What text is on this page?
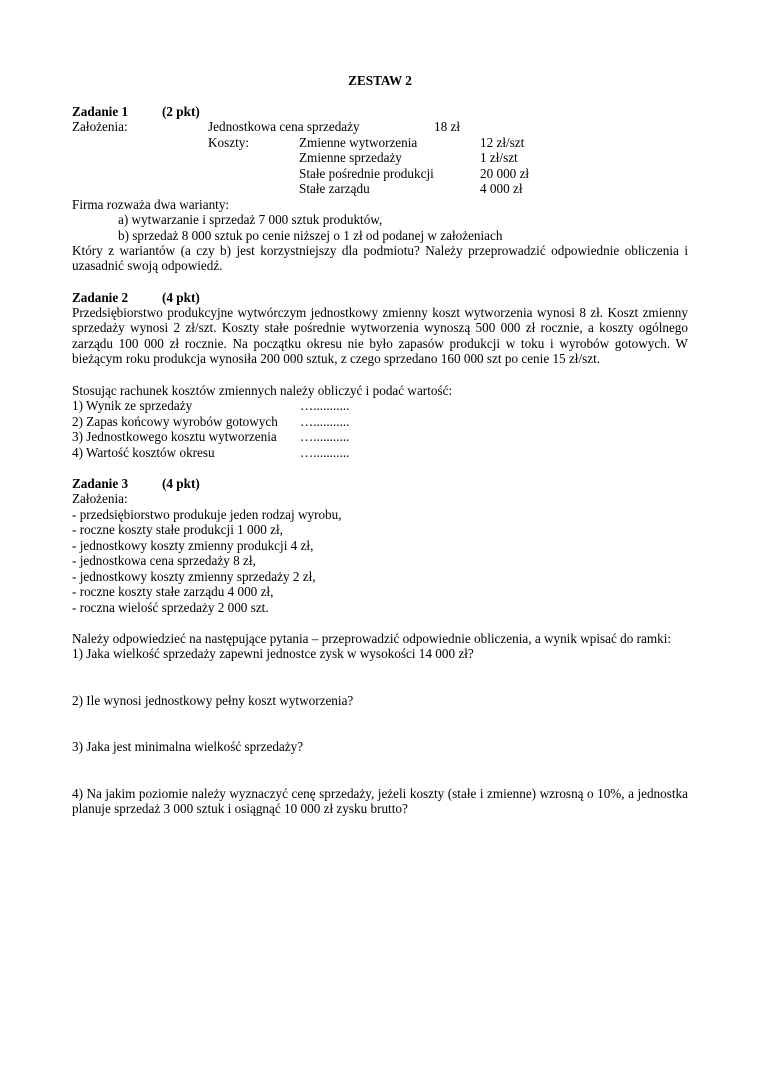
ZESTAW 2
Zadanie 1	(2 pkt)
Założenia:	Jednostkowa cena sprzedaży	18 zł
Koszty:	Zmienne wytworzenia	12 zł/szt
Zmienne sprzedaży	1 zł/szt
Stałe pośrednie produkcji	20 000 zł
Stałe zarządu	4 000 zł
Firma rozważa dwa warianty:
a) wytwarzanie i sprzedaż 7 000 sztuk produktów,
b) sprzedaż 8 000 sztuk po cenie niższej o 1 zł od podanej w założeniach
Który z wariantów (a czy b) jest korzystniejszy dla podmiotu? Należy przeprowadzić odpowiednie obliczenia i uzasadnić swoją odpowiedź.
Zadanie 2	(4 pkt)
Przedsiębiorstwo produkcyjne wytwórczym jednostkowy zmienny koszt wytworzenia wynosi 8 zł. Koszt zmienny sprzedaży wynosi 2 zł/szt. Koszty stałe pośrednie wytworzenia wynoszą 500 000 zł rocznie, a koszty ogólnego zarządu 100 000 zł rocznie. Na początku okresu nie było zapasów produkcji w toku i wyrobów gotowych. W bieżącym roku produkcja wynosiła 200 000 sztuk, z czego sprzedano 160 000 szt po cenie 15 zł/szt.
Stosując rachunek kosztów zmiennych należy obliczyć i podać wartość:
1) Wynik ze sprzedaży	…...........
2) Zapas końcowy wyrobów gotowych …...........
3) Jednostkowego kosztu wytworzenia …...........
4) Wartość kosztów okresu	…...........
Zadanie 3	(4 pkt)
Założenia:
- przedsiębiorstwo produkuje jeden rodzaj wyrobu,
- roczne koszty stałe produkcji 1 000 zł,
- jednostkowy koszty zmienny produkcji 4 zł,
- jednostkowa cena sprzedaży 8 zł,
- jednostkowy koszty zmienny sprzedaży 2 zł,
- roczne koszty stałe zarządu 4 000 zł,
- roczna wielość sprzedaży 2 000 szt.
Należy odpowiedzieć na następujące pytania – przeprowadzić odpowiednie obliczenia, a wynik wpisać do ramki:
1) Jaka wielkość sprzedaży zapewni jednostce zysk w wysokości 14 000 zł?
2) Ile wynosi jednostkowy pełny koszt wytworzenia?
3) Jaka jest minimalna wielkość sprzedaży?
4) Na jakim poziomie należy wyznaczyć cenę sprzedaży, jeżeli koszty (stałe i zmienne) wzrosną o 10%, a jednostka planuje sprzedaż 3 000 sztuk i osiągnąć 10 000 zł zysku brutto?
